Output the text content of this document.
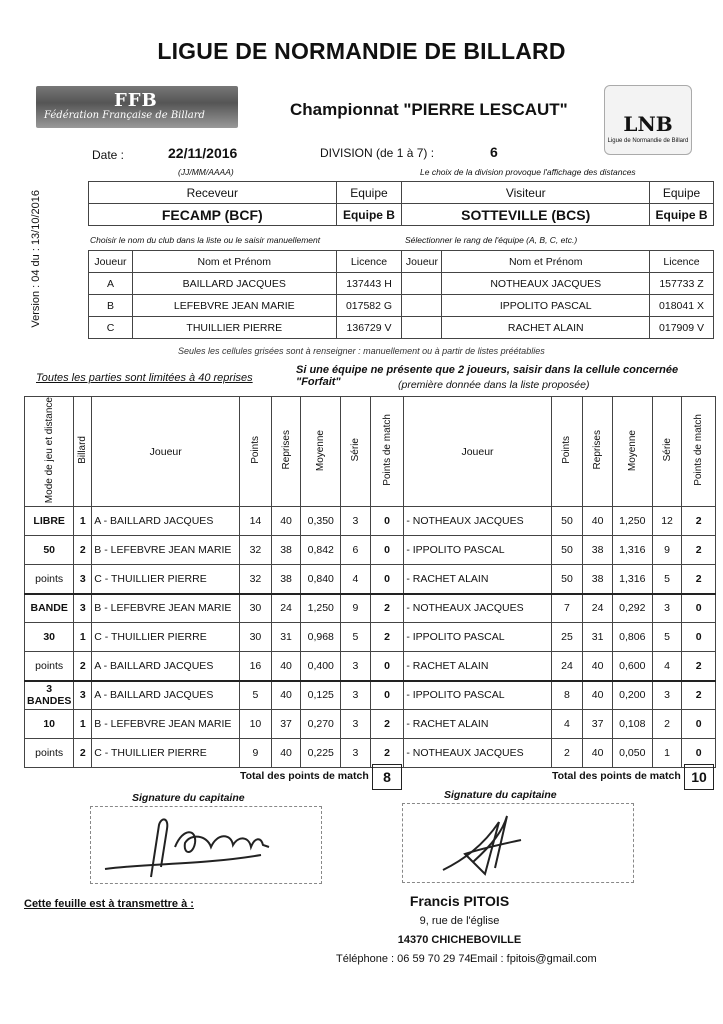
LIGUE DE NORMANDIE DE BILLARD
FFB
Fédération Française de Billard	Championnat "PIERRE LESCAUT"
LNB
Ligue de Normandie de Billard
Version : 04 du : 13/10/2016
Date :	22/11/2016
(JJ/MM/AAAA)
DIVISION (de 1 à 7) :	6
Le choix de la division provoque l'affichage des distances
Receveur	Equipe	Visiteur	Equipe
FECAMP (BCF)	Equipe B	SOTTEVILLE (BCS)	Equipe B
Choisir le nom du club dans la liste ou le saisir manuellement	Sélectionner le rang de l'équipe (A, B, C, etc.)
Joueur	Nom et Prénom	Licence	Joueur	Nom et Prénom	Licence
A	BAILLARD JACQUES	137443 H		NOTHEAUX JACQUES	157733 Z
B	LEFEBVRE JEAN MARIE	017582 G		IPPOLITO PASCAL	018041 X
C	THUILLIER PIERRE	136729 V		RACHET ALAIN	017909 V
Seules les cellules grisées sont à renseigner : manuellement ou à partir de listes préétablies
Toutes les parties sont limitées à 40 reprises
Si une équipe ne présente que 2 joueurs, saisir dans la cellule concernée "Forfait"	(première donnée dans la liste proposée)
Mode de jeu et distance	Billard	Joueur	Points	Reprises	Moyenne	Série	Points de match	Joueur	Points	Reprises	Moyenne	Série	Points de match
LIBRE	1	A - BAILLARD JACQUES	14	40	0,350	3	0	- NOTHEAUX JACQUES	50	40	1,250	12	2
50	2	B - LEFEBVRE JEAN MARIE	32	38	0,842	6	0	- IPPOLITO PASCAL	50	38	1,316	9	2
points	3	C - THUILLIER PIERRE	32	38	0,840	4	0	- RACHET ALAIN	50	38	1,316	5	2
BANDE	3	B - LEFEBVRE JEAN MARIE	30	24	1,250	9	2	- NOTHEAUX JACQUES	7	24	0,292	3	0
30	1	C - THUILLIER PIERRE	30	31	0,968	5	2	- IPPOLITO PASCAL	25	31	0,806	5	0
points	2	A - BAILLARD JACQUES	16	40	0,400	3	0	- RACHET ALAIN	24	40	0,600	4	2
3 BANDES	3	A - BAILLARD JACQUES	5	40	0,125	3	0	- IPPOLITO PASCAL	8	40	0,200	3	2
10	1	B - LEFEBVRE JEAN MARIE	10	37	0,270	3	2	- RACHET ALAIN	4	37	0,108	2	0
points	2	C - THUILLIER PIERRE	9	40	0,225	3	2	- NOTHEAUX JACQUES	2	40	0,050	1	0
Total des points de match	8	Total des points de match 10
Signature du capitaine	Signature du capitaine
Cette feuille est à transmettre à :	Francis PITOIS
9, rue de l'église
14370 CHICHEBOVILLE
Téléphone : 06 59 70 29 74 Email : fpitois@gmail.com
